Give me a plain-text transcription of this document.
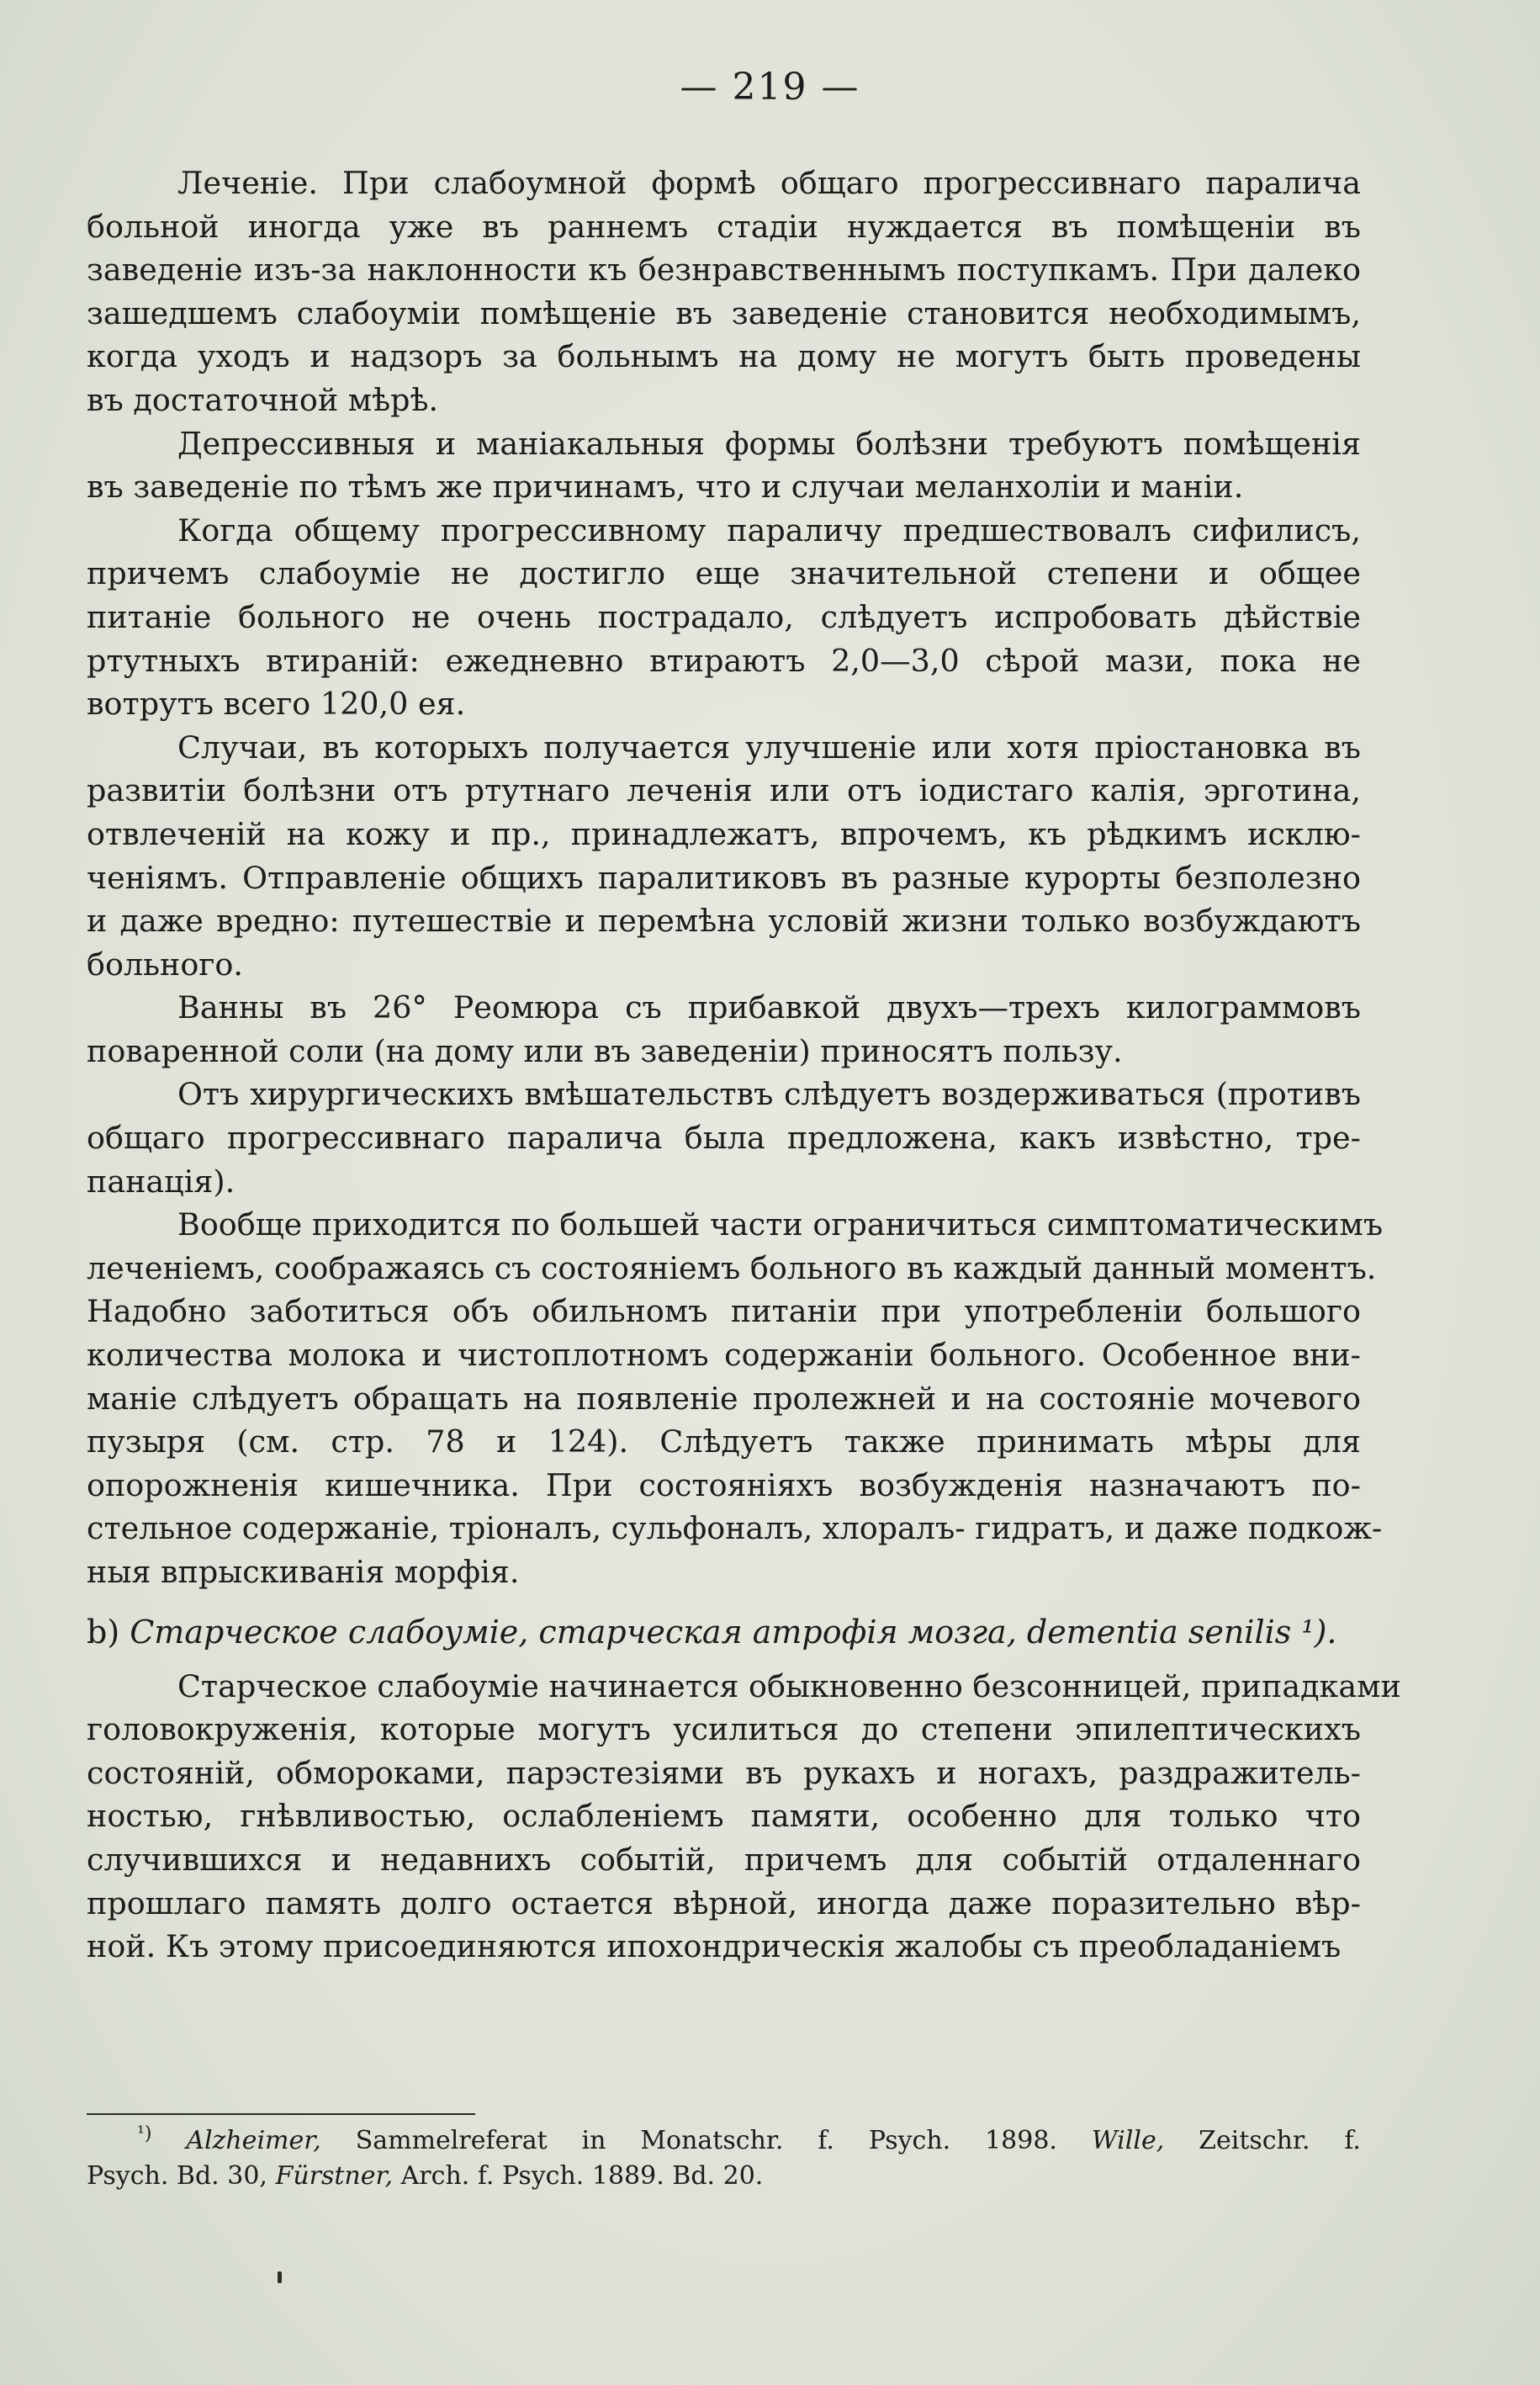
— 219 —
Леченіе. При слабоумной формѣ общаго прогрессивнаго паралича
больной иногда уже въ раннемъ стадіи нуждается въ помѣщеніи въ
заведеніе изъ-за наклонности къ безнравственнымъ поступкамъ. При далеко
зашедшемъ слабоуміи помѣщеніе въ заведеніе становится необходимымъ,
когда уходъ и надзоръ за больнымъ на дому не могутъ быть проведены
въ достаточной мѣрѣ.
Депрессивныя и маніакальныя формы болѣзни требуютъ помѣщенія
въ заведеніе по тѣмъ же причинамъ, что и случаи меланхоліи и маніи.
Когда общему прогрессивному параличу предшествовалъ сифилисъ,
причемъ слабоуміе не достигло еще значительной степени и общее
питаніе больного не очень пострадало, слѣдуетъ испробовать дѣйствіе
ртутныхъ втираній: ежедневно втираютъ 2,0—3,0 сѣрой мази, пока не
вотрутъ всего 120,0 ея.
Случаи, въ которыхъ получается улучшеніе или хотя пріостановка въ
развитіи болѣзни отъ ртутнаго леченія или отъ іодистаго калія, эрготина,
отвлеченій на кожу и пр., принадлежатъ, впрочемъ, къ рѣдкимъ исклю-
ченіямъ. Отправленіе общихъ паралитиковъ въ разные курорты безполезно
и даже вредно: путешествіе и перемѣна условій жизни только возбуждаютъ
больного.
Ванны въ 26° Реомюра съ прибавкой двухъ—трехъ килограммовъ
поваренной соли (на дому или въ заведеніи) приносятъ пользу.
Отъ хирургическихъ вмѣшательствъ слѣдуетъ воздерживаться (противъ
общаго прогрессивнаго паралича была предложена, какъ извѣстно, тре-
панація).
Вообще приходится по большей части ограничиться симптоматическимъ
леченіемъ, соображаясь съ состояніемъ больного въ каждый данный моментъ.
Надобно заботиться объ обильномъ питаніи при употребленіи большого
количества молока и чистоплотномъ содержаніи больного. Особенное вни-
маніе слѣдуетъ обращать на появленіе пролежней и на состояніе мочевого
пузыря (см. стр. 78 и 124). Слѣдуетъ также принимать мѣры для
опорожненія кишечника. При состояніяхъ возбужденія назначаютъ по-
стельное содержаніе, тріоналъ, сульфоналъ, хлоралъ- гидратъ, и даже подкож-
ныя впрыскиванія морфія.
b) Старческое слабоуміе, старческая атрофія мозга, dementia senilis ¹).
Старческое слабоуміе начинается обыкновенно безсонницей, припадками
головокруженія, которые могутъ усилиться до степени эпилептическихъ
состояній, обмороками, парэстезіями въ рукахъ и ногахъ, раздражитель-
ностью, гнѣвливостью, ослабленіемъ памяти, особенно для только что
случившихся и недавнихъ событій, причемъ для событій отдаленнаго
прошлаго память долго остается вѣрной, иногда даже поразительно вѣр-
ной. Къ этому присоединяются ипохондрическія жалобы съ преобладаніемъ
$^{^1)}$ Alzheimer, Sammelreferat in Monatschr. f. Psych. 1898. Wille, Zeitschr. f.
Psych. Bd. 30, Fürstner, Arch. f. Psych. 1889. Bd. 20.
